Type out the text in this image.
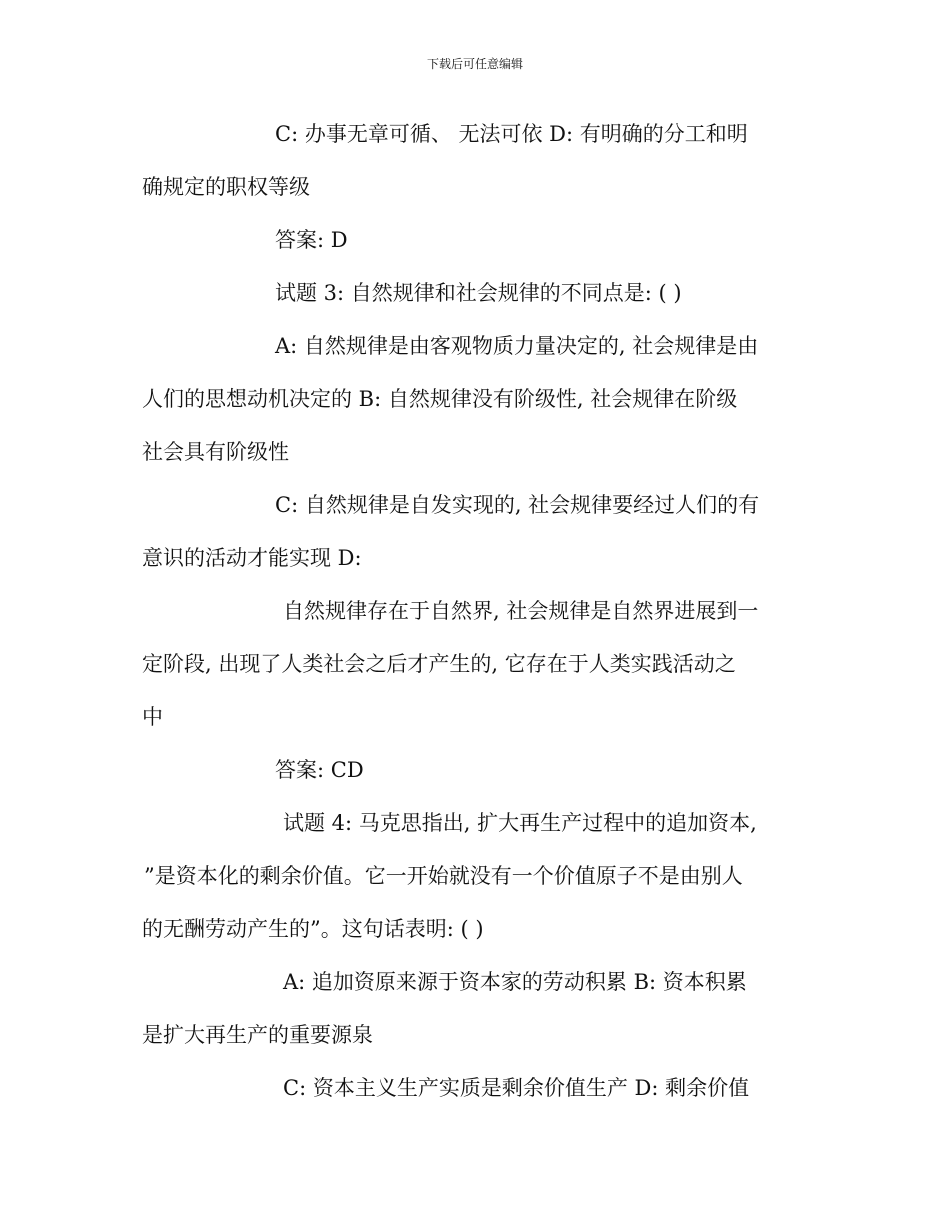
下载后可任意编辑
C: 办事无章可循、 无法可依 D: 有明确的分工和明
确规定的职权等级
答案: D
试题 3: 自然规律和社会规律的不同点是: ( )
A: 自然规律是由客观物质力量决定的, 社会规律是由
人们的思想动机决定的 B: 自然规律没有阶级性, 社会规律在阶级
社会具有阶级性
C: 自然规律是自发实现的, 社会规律要经过人们的有
意识的活动才能实现 D:
自然规律存在于自然界, 社会规律是自然界进展到一
定阶段, 出现了人类社会之后才产生的, 它存在于人类实践活动之
中
答案: CD
试题 4: 马克思指出, 扩大再生产过程中的追加资本,
”是资本化的剩余价值。它一开始就没有一个价值原子不是由别人
的无酬劳动产生的”。这句话表明: ( )
A: 追加资原来源于资本家的劳动积累 B: 资本积累
是扩大再生产的重要源泉
C: 资本主义生产实质是剩余价值生产 D: 剩余价值
